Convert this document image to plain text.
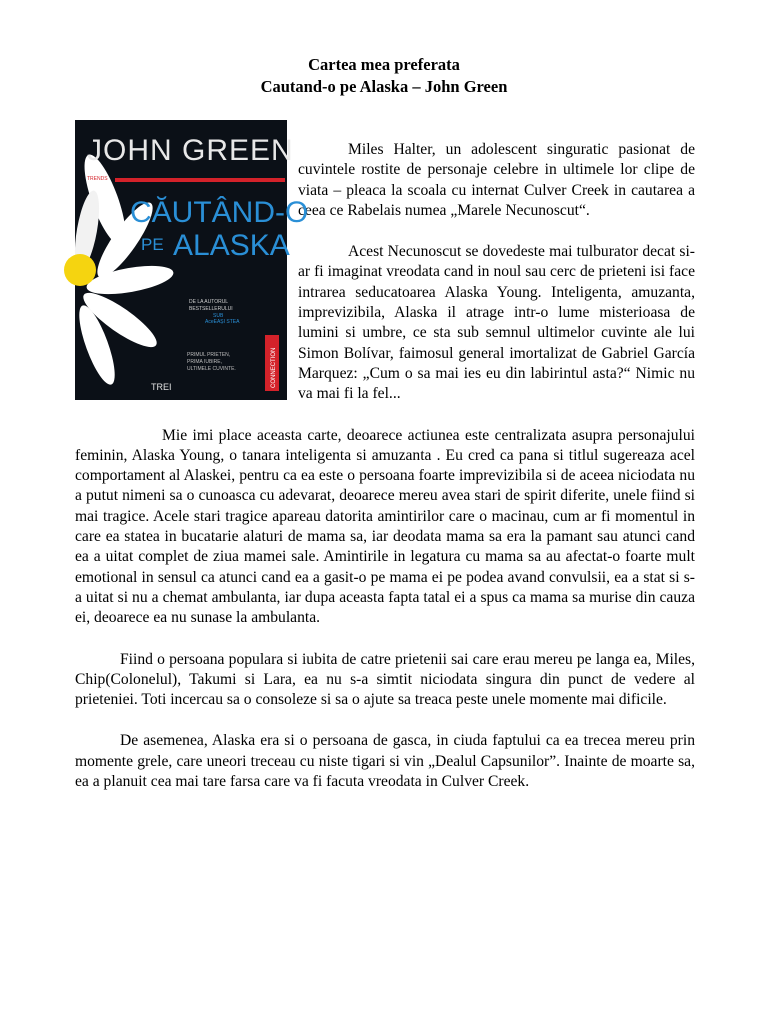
Cartea mea preferata
Cautand-o pe Alaska – John Green
JOHN GREEN
TRENDS
CĂUTÂND-O
PE ALASKA
DE LA AUTORUL
BESTSELLERULUI
SUB
AceEAȘI STEA
PRIMUL PRIETEN,
PRIMA IUBIRE,
ULTIMELE CUVINTE.
TREI	CONNECTION
Miles Halter, un adolescent singuratic pasionat de cuvintele rostite de personaje celebre in ultimele lor clipe de viata – pleaca la scoala cu internat Culver Creek in cautarea a ceea ce Rabelais numea „Marele Necunoscut“.
Acest Necunoscut se dovedeste mai tulburator decat si-ar fi imaginat vreodata cand in noul sau cerc de prieteni isi face intrarea seducatoarea Alaska Young. Inteligenta, amuzanta, imprevizibila, Alaska il atrage intr-o lume misterioasa de lumini si umbre, ce sta sub semnul ultimelor cuvinte ale lui Simon Bolívar, faimosul general imortalizat de Gabriel García Marquez: „Cum o sa mai ies eu din labirintul asta?“ Nimic nu va mai fi la fel...
Mie imi place aceasta carte, deoarece actiunea este centralizata asupra personajului feminin, Alaska Young, o tanara inteligenta si amuzanta . Eu cred ca pana si titlul sugereaza acel comportament al Alaskei, pentru ca ea este o persoana foarte imprevizibila si de aceea niciodata nu a putut nimeni sa o cunoasca cu adevarat, deoarece mereu avea stari de spirit diferite, unele fiind si mai tragice. Acele stari tragice apareau datorita amintirilor care o macinau, cum ar fi momentul in care ea statea in bucatarie alaturi de mama sa, iar deodata mama sa era la pamant sau atunci cand ea a uitat complet de ziua mamei sale. Amintirile in legatura cu mama sa au afectat-o foarte mult emotional in sensul ca atunci cand ea a gasit-o pe mama ei pe podea avand convulsii, ea a stat si s-a uitat si nu a chemat ambulanta, iar dupa aceasta fapta tatal ei a spus ca mama sa murise din cauza ei, deoarece ea nu sunase la ambulanta.
Fiind o persoana populara si iubita de catre prietenii sai care erau mereu pe langa ea, Miles, Chip(Colonelul), Takumi si Lara, ea nu s-a simtit niciodata singura din punct de vedere al prieteniei. Toti incercau sa o consoleze si sa o ajute sa treaca peste unele momente mai dificile.
De asemenea, Alaska era si o persoana de gasca, in ciuda faptului ca ea trecea mereu prin momente grele, care uneori treceau cu niste tigari si vin „Dealul Capsunilor”. Inainte de moarte sa, ea a planuit cea mai tare farsa care va fi facuta vreodata in Culver Creek.
